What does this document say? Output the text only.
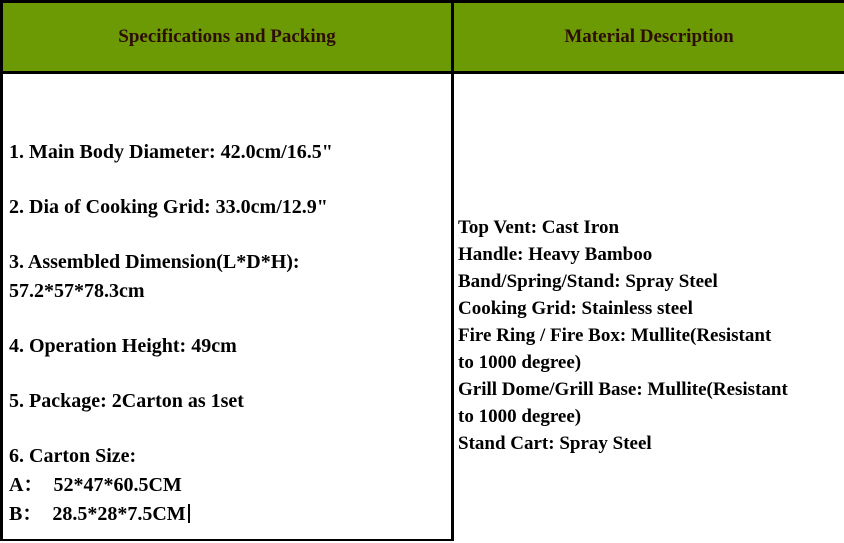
Specifications and Packing	Material Description
1. Main Body Diameter: 42.0cm/16.5"
2. Dia of Cooking Grid: 33.0cm/12.9"
3. Assembled Dimension(L*D*H):
57.2*57*78.3cm
4. Operation Height: 49cm
5. Package: 2Carton as 1set
6. Carton Size:
A：  52*47*60.5CM
B：  28.5*28*7.5CM
Top Vent: Cast Iron
Handle: Heavy Bamboo
Band/Spring/Stand: Spray Steel
Cooking Grid: Stainless steel
Fire Ring / Fire Box: Mullite(Resistant
to 1000 degree)
Grill Dome/Grill Base: Mullite(Resistant
to 1000 degree)
Stand Cart: Spray Steel
